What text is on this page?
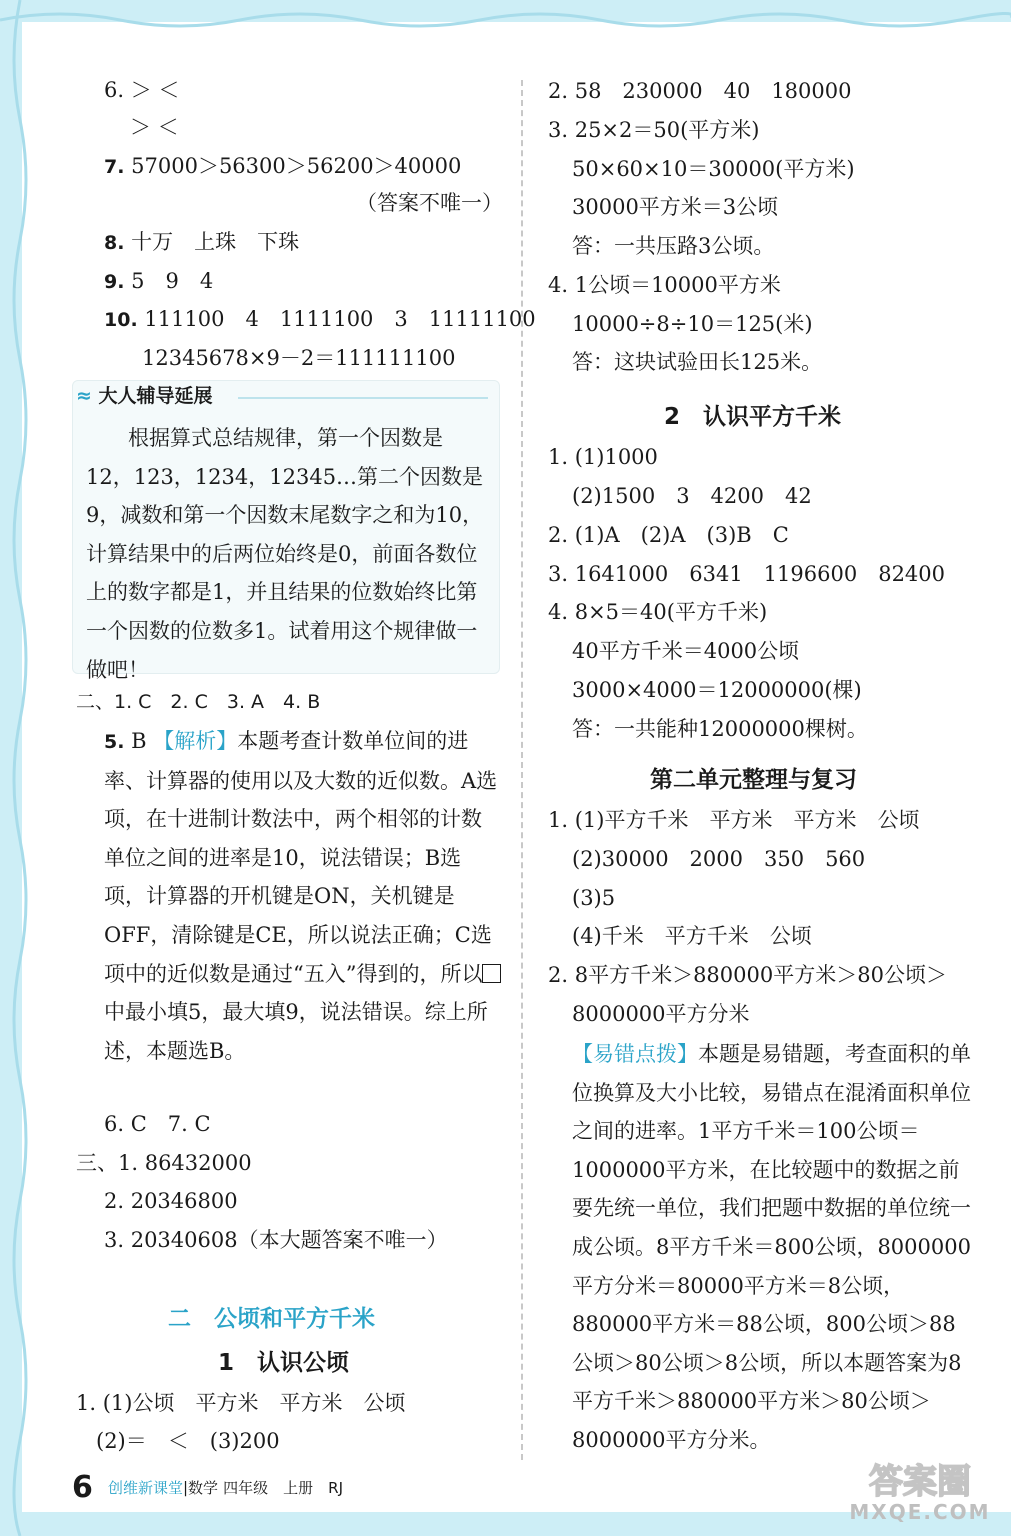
6. ＞ ＜
＞ ＜
7. 57000＞56300＞56200＞40000
（答案不唯一）
8. 十万　上珠　下珠
9. 5　9　4
10. 111100　4　1111100　3　11111100
12345678×9－2＝111111100
≈ 大人辅导延展
　　根据算式总结规律，第一个因数是12，123，1234，12345…第二个因数是9，减数和第一个因数末尾数字之和为10，计算结果中的后两位始终是0，前面各数位上的数字都是1，并且结果的位数始终比第一个因数的位数多1。试着用这个规律做一做吧！
二、1. C　2. C　3. A　4. B
5. B 【解析】本题考查计数单位间的进率、计算器的使用以及大数的近似数。A选项，在十进制计数法中，两个相邻的计数单位之间的进率是10，说法错误；B选项，计算器的开机键是ON，关机键是OFF，清除键是CE，所以说法正确；C选项中的近似数是通过“五入”得到的，所以中最小填5，最大填9，说法错误。综上所述，本题选B。
6. C　7. C
三、1. 86432000
2. 20346800
3. 20340608（本大题答案不唯一）
二　公顷和平方千米
1　认识公顷
1. (1)公顷　平方米　平方米　公顷
(2)＝　＜　(3)200
2. 58　230000　40　180000
3. 25×2＝50(平方米)
50×60×10＝30000(平方米)
30000平方米＝3公顷
答：一共压路3公顷。
4. 1公顷＝10000平方米
10000÷8÷10＝125(米)
答：这块试验田长125米。
2　认识平方千米
1. (1)1000
(2)1500　3　4200　42
2. (1)A　(2)A　(3)B　C
3. 1641000　6341　1196600　82400
4. 8×5＝40(平方千米)
40平方千米＝4000公顷
3000×4000＝12000000(棵)
答：一共能种12000000棵树。
第二单元整理与复习
1. (1)平方千米　平方米　平方米　公顷
(2)30000　2000　350　560
(3)5
(4)千米　平方千米　公顷
2. 8平方千米＞880000平方米＞80公顷＞
8000000平方分米
【易错点拨】本题是易错题，考查面积的单位换算及大小比较，易错点在混淆面积单位之间的进率。1平方千米＝100公顷＝1000000平方米，在比较题中的数据之前要先统一单位，我们把题中数据的单位统一成公顷。8平方千米＝800公顷，8000000平方分米＝80000平方米＝8公顷，880000平方米＝88公顷，800公顷＞88公顷＞80公顷＞8公顷，所以本题答案为8平方千米＞880000平方米＞80公顷＞8000000平方分米。
6 创维新课堂|数学 四年级　上册　RJ	答案圈
MXQE.COM
